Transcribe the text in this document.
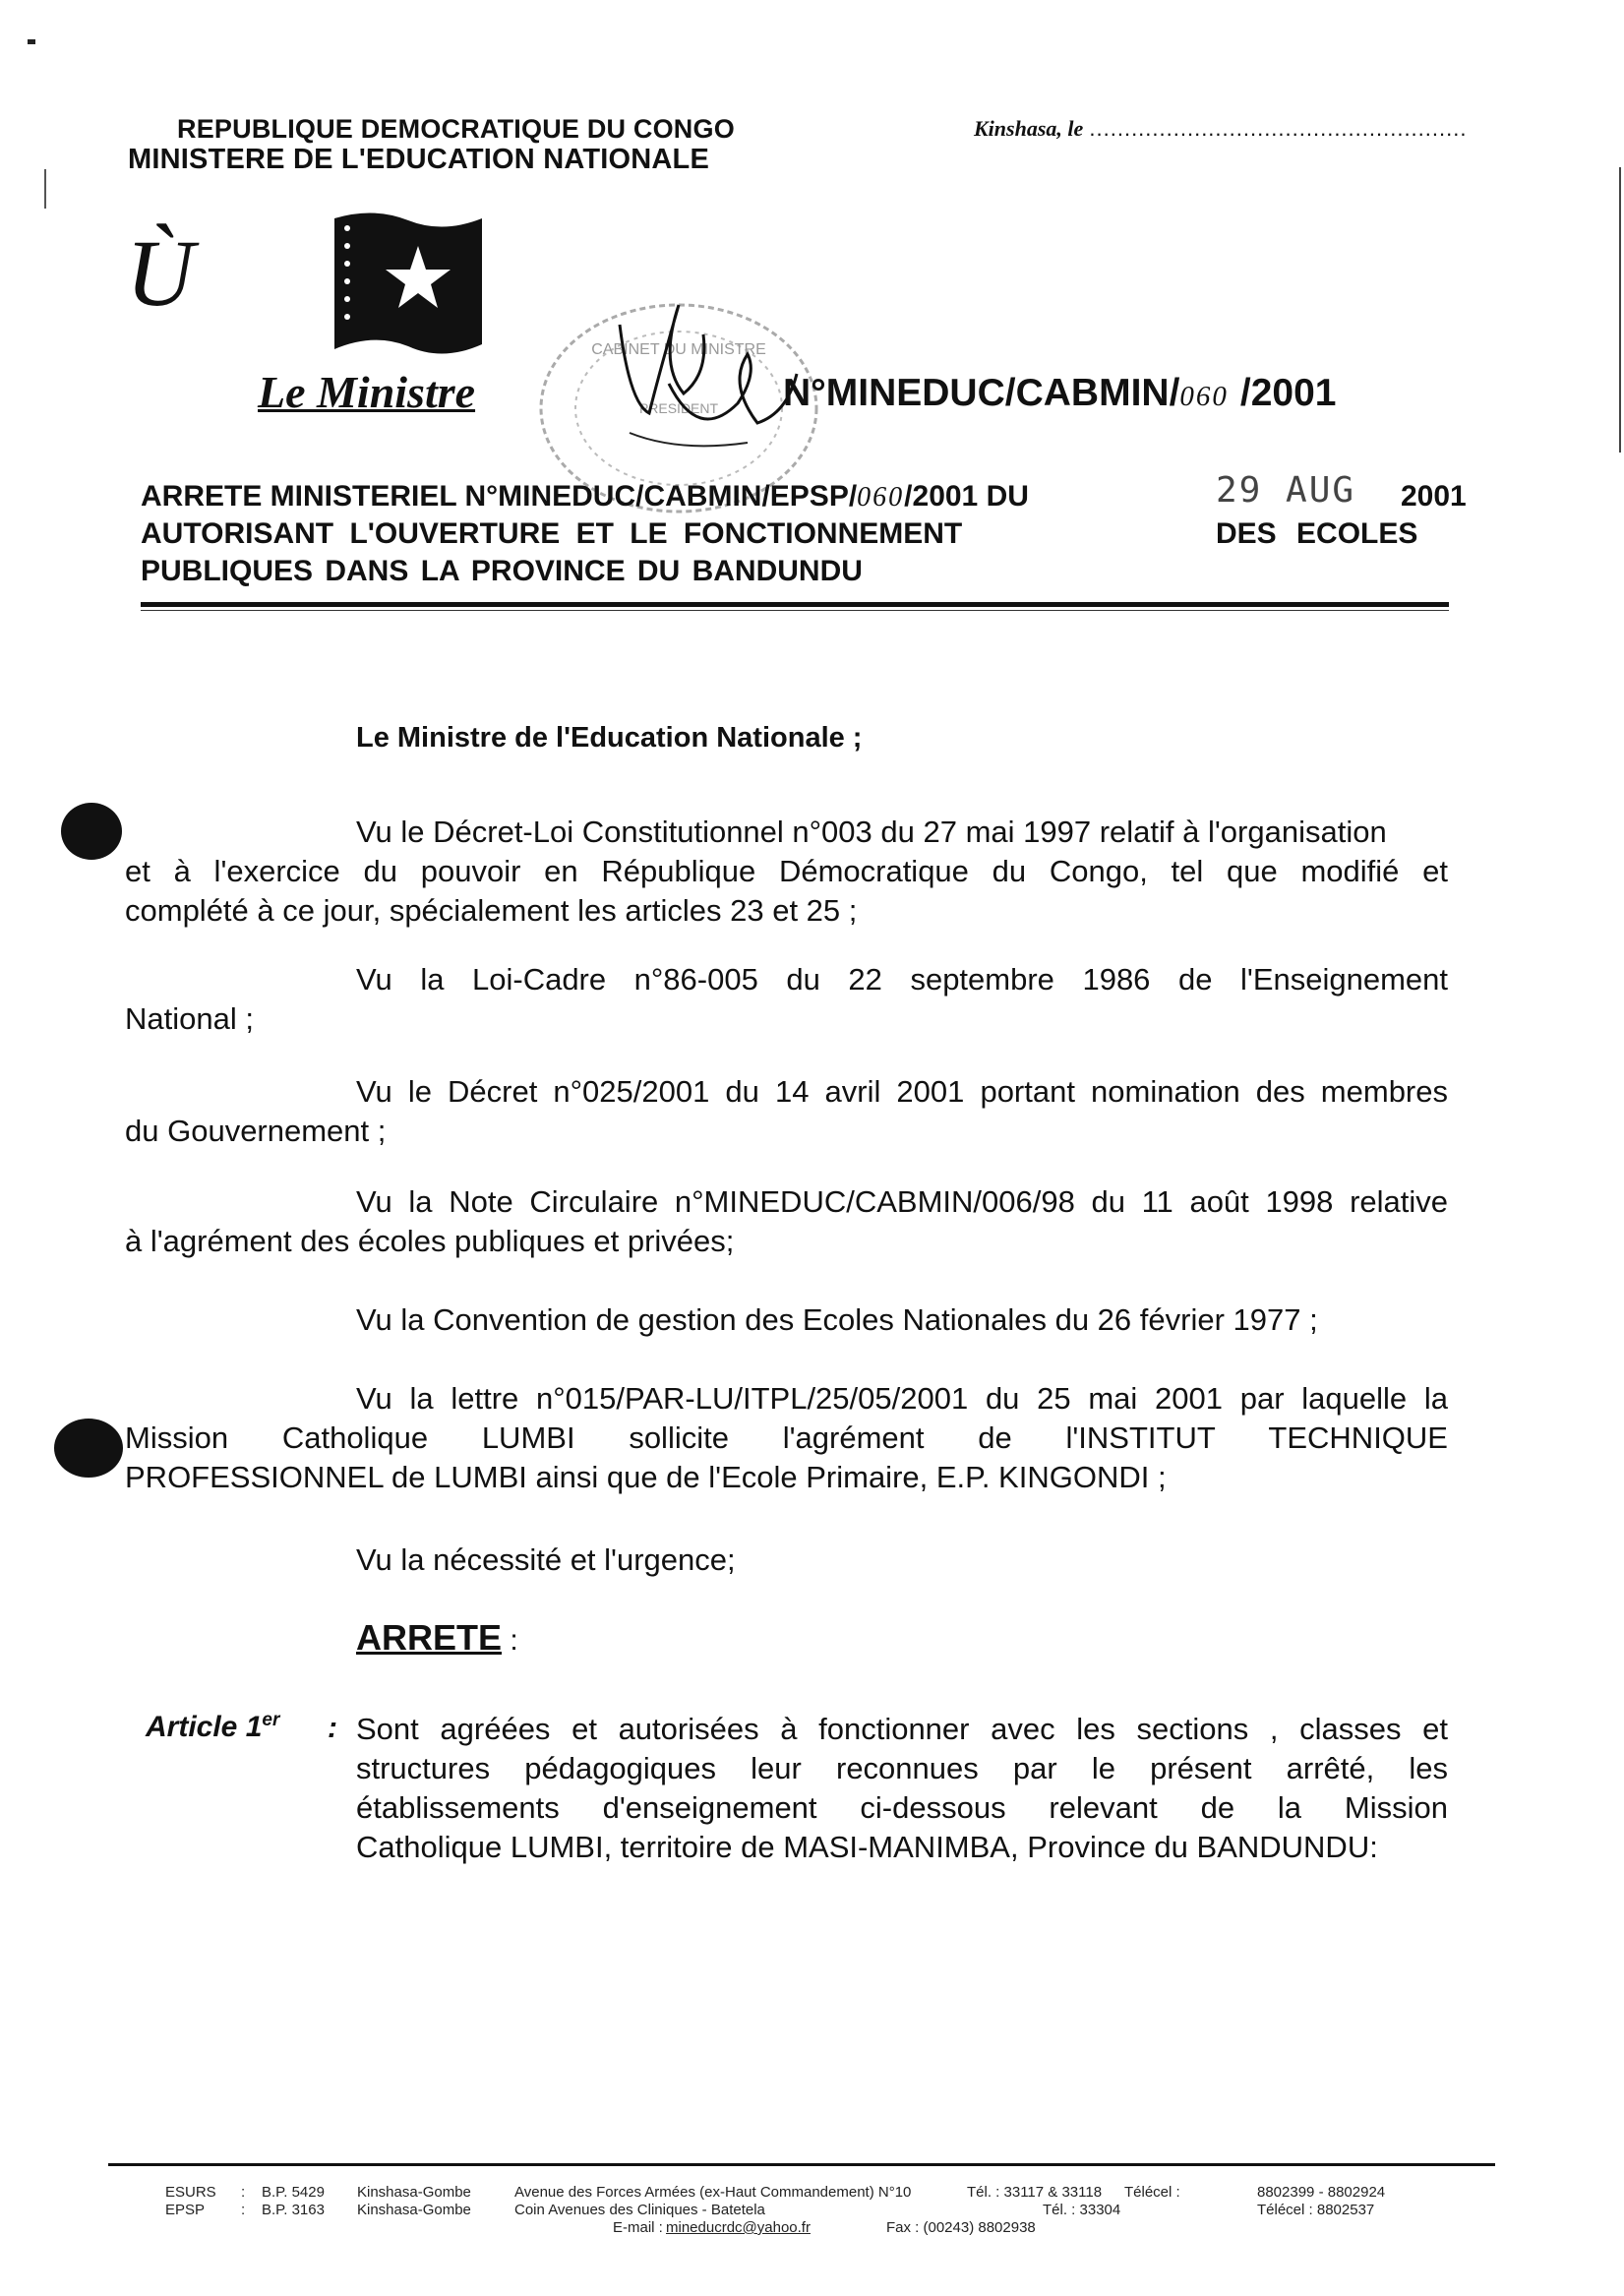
REPUBLIQUE DEMOCRATIQUE DU CONGO
MINISTERE DE L'EDUCATION NATIONALE
Kinshasa, le ......................................................
Ù
CABINET DU MINISTRE
PRESIDENT
Le Ministre	N°MINEDUC/CABMIN/060 /2001
ARRETE MINISTERIEL N°MINEDUC/CABMIN/EPSP/060/2001 DU	29 AUG 2001
AUTORISANT L'OUVERTURE ET LE FONCTIONNEMENT	DES ECOLES
PUBLIQUES DANS LA PROVINCE DU BANDUNDU
Le Ministre de l'Education Nationale ;
Vu le Décret-Loi Constitutionnel n°003 du 27 mai 1997 relatif à l'organisation
et à l'exercice du pouvoir en République Démocratique du Congo, tel que modifié et
complété à ce jour, spécialement les articles 23 et 25 ;
Vu la Loi-Cadre n°86-005 du 22 septembre 1986 de l'Enseignement
National ;
Vu le Décret n°025/2001 du 14 avril 2001 portant nomination des membres
du Gouvernement ;
Vu la Note Circulaire n°MINEDUC/CABMIN/006/98 du 11 août 1998 relative
à l'agrément des écoles publiques et privées;
Vu la Convention de gestion des Ecoles Nationales du 26 février 1977 ;
Vu la lettre n°015/PAR-LU/ITPL/25/05/2001 du 25 mai 2001 par laquelle la
Mission Catholique LUMBI sollicite l'agrément de l'INSTITUT TECHNIQUE
PROFESSIONNEL de LUMBI ainsi que de l'Ecole Primaire, E.P. KINGONDI ;
Vu la nécessité et l'urgence;
ARRETE :
Article 1er : Sont agréées et autorisées à fonctionner avec les sections , classes et
structures pédagogiques leur reconnues par le présent arrêté, les
établissements d'enseignement ci-dessous relevant de la Mission
Catholique LUMBI, territoire de MASI-MANIMBA, Province du BANDUNDU:
ESURS : B.P. 5429 Kinshasa-Gombe	Avenue des Forces Armées (ex-Haut Commandement) N°10	Tél. : 33117 & 33118 Télécel :	8802399 - 8802924
EPSP : B.P. 3163 Kinshasa-Gombe	Coin Avenues des Cliniques - Batetela	Tél. : 33304	Télécel : 8802537
E-mail : mineducrdc@yahoo.fr	Fax : (00243) 8802938
